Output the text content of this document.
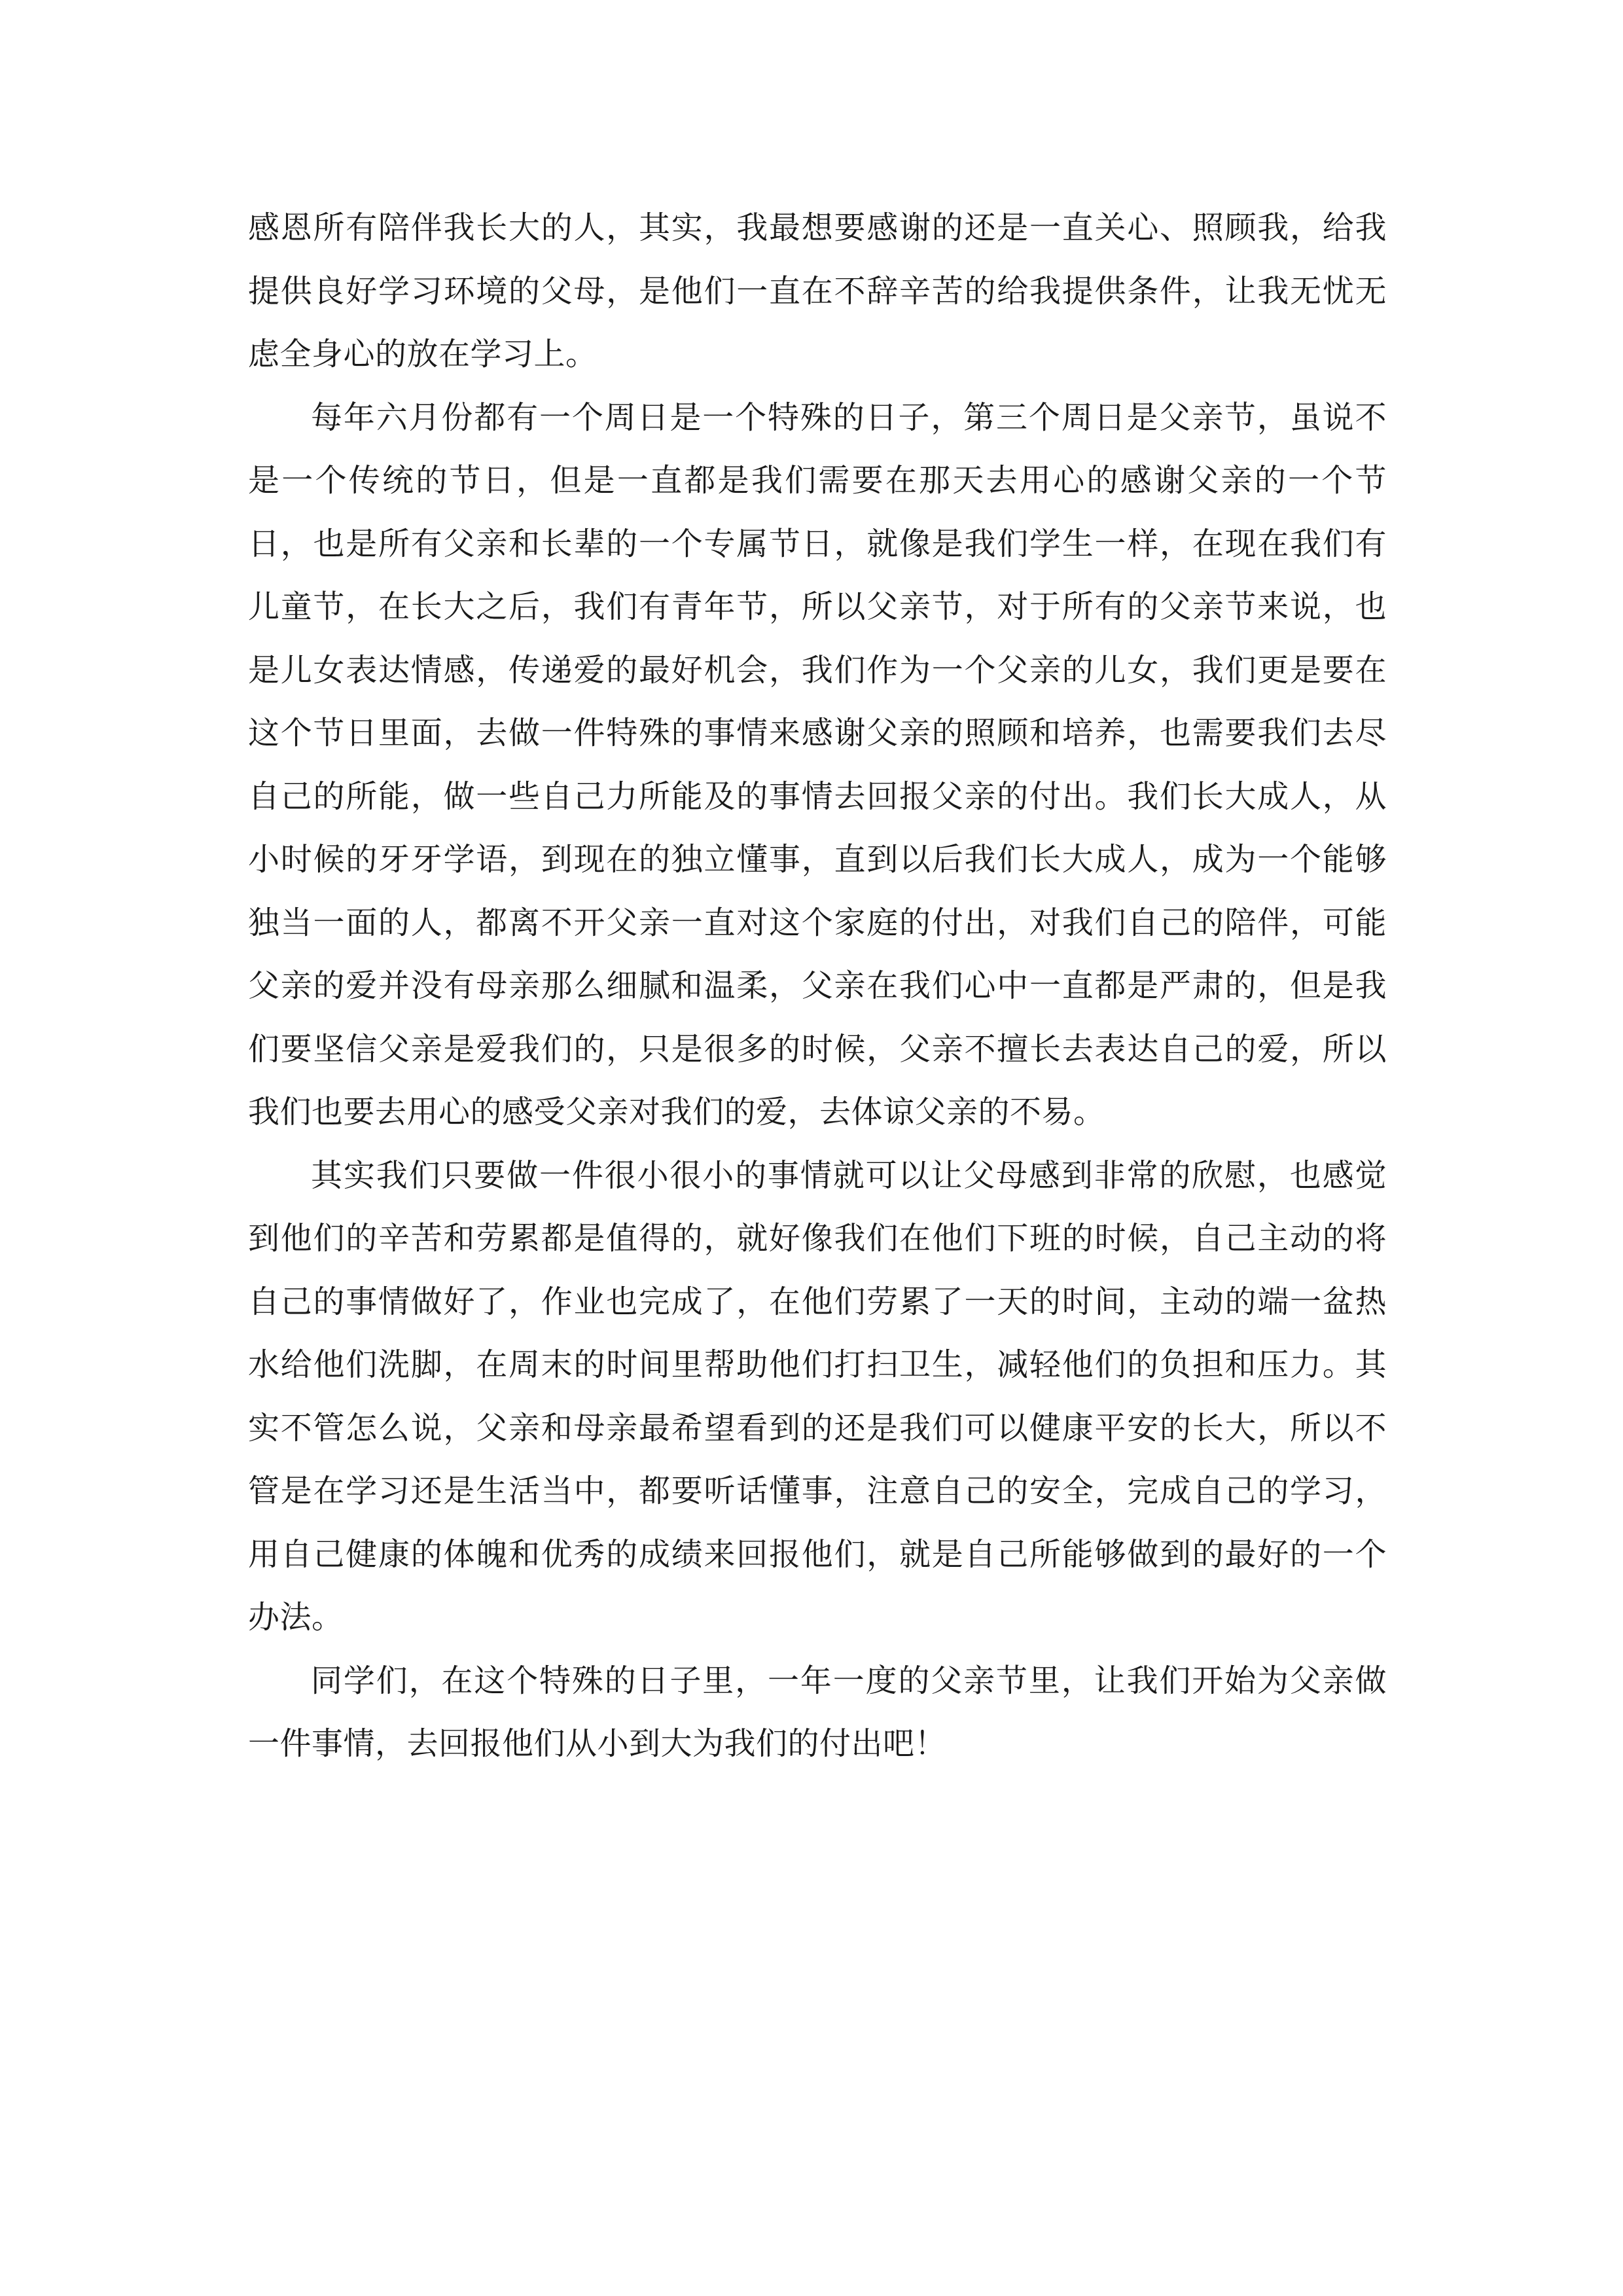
感恩所有陪伴我长大的人，其实，我最想要感谢的还是一直关心、照顾我，给我提供良好学习环境的父母，是他们一直在不辞辛苦的给我提供条件，让我无忧无虑全身心的放在学习上。

每年六月份都有一个周日是一个特殊的日子，第三个周日是父亲节，虽说不是一个传统的节日，但是一直都是我们需要在那天去用心的感谢父亲的一个节日，也是所有父亲和长辈的一个专属节日，就像是我们学生一样，在现在我们有儿童节，在长大之后，我们有青年节，所以父亲节，对于所有的父亲节来说，也是儿女表达情感，传递爱的最好机会，我们作为一个父亲的儿女，我们更是要在这个节日里面，去做一件特殊的事情来感谢父亲的照顾和培养，也需要我们去尽自己的所能，做一些自己力所能及的事情去回报父亲的付出。我们长大成人，从小时候的牙牙学语，到现在的独立懂事，直到以后我们长大成人，成为一个能够独当一面的人，都离不开父亲一直对这个家庭的付出，对我们自己的陪伴，可能父亲的爱并没有母亲那么细腻和温柔，父亲在我们心中一直都是严肃的，但是我们要坚信父亲是爱我们的，只是很多的时候，父亲不擅长去表达自己的爱，所以我们也要去用心的感受父亲对我们的爱，去体谅父亲的不易。

其实我们只要做一件很小很小的事情就可以让父母感到非常的欣慰，也感觉到他们的辛苦和劳累都是值得的，就好像我们在他们下班的时候，自己主动的将自己的事情做好了，作业也完成了，在他们劳累了一天的时间，主动的端一盆热水给他们洗脚，在周末的时间里帮助他们打扫卫生，减轻他们的负担和压力。其实不管怎么说，父亲和母亲最希望看到的还是我们可以健康平安的长大，所以不管是在学习还是生活当中，都要听话懂事，注意自己的安全，完成自己的学习，用自己健康的体魄和优秀的成绩来回报他们，就是自己所能够做到的最好的一个办法。

同学们，在这个特殊的日子里，一年一度的父亲节里，让我们开始为父亲做一件事情，去回报他们从小到大为我们的付出吧！
